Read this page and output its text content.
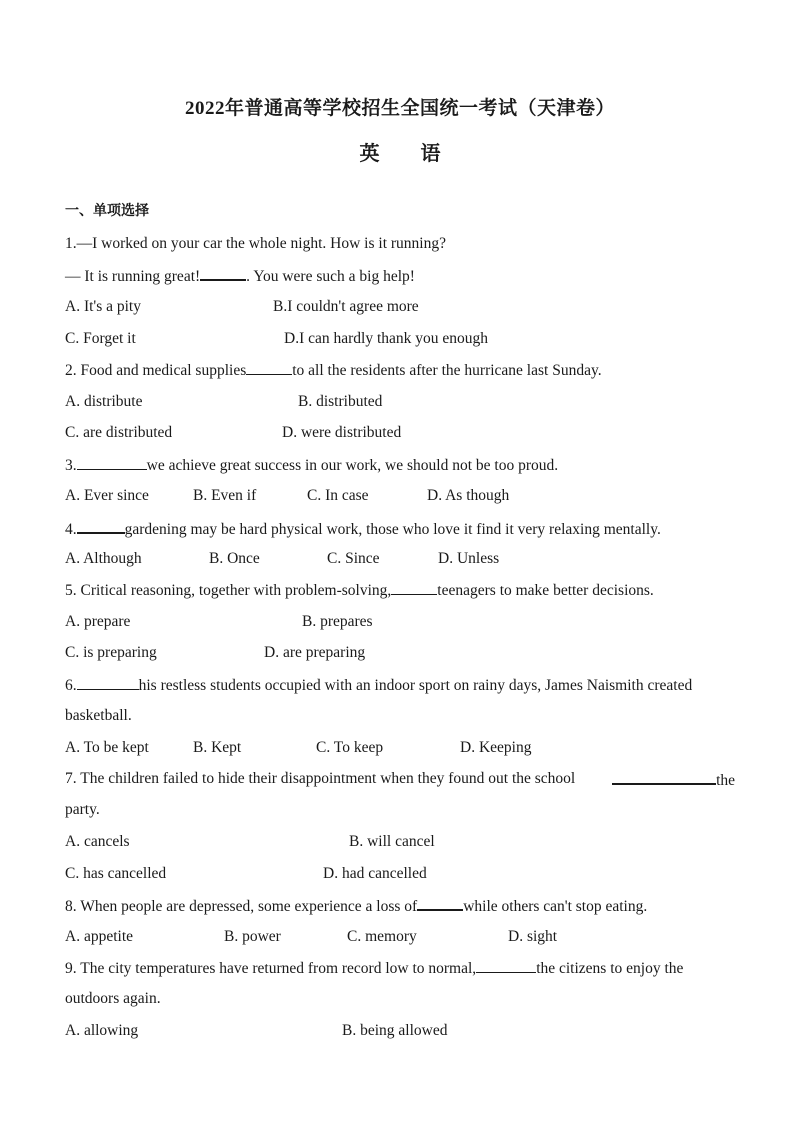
2022年普通高等学校招生全国统一考试（天津卷）
英 语
一、单项选择
1.—I worked on your car the whole night. How is it running?
— It is running great!	. You were such a big help!
A. It's a pity	B.I couldn't agree more
C. Forget it	D.I can hardly thank you enough
2. Food and medical supplies	to all the residents after the hurricane last Sunday.
A. distribute	B. distributed
C. are distributed	D. were distributed
3.	we achieve great success in our work, we should not be too proud.
A. Ever since	B. Even if	C. In case	D. As though
4.	gardening may be hard physical work, those who love it find it very relaxing mentally.
A. Although	B. Once	C. Since	D. Unless
5. Critical reasoning, together with problem-solving,	teenagers to make better decisions.
A. prepare	B. prepares
C. is preparing	D. are preparing
6.	his restless students occupied with an indoor sport on rainy days, James Naismith created
basketball.
A. To be kept	B. Kept	C. To keep	D. Keeping
7. The children failed to hide their disappointment when they found out the school	the
party.
A. cancels	B. will cancel
C. has cancelled	D. had cancelled
8. When people are depressed, some experience a loss of	while others can't stop eating.
A. appetite	B. power	C. memory	D. sight
9. The city temperatures have returned from record low to normal,	the citizens to enjoy the
outdoors again.
A. allowing	B. being allowed
